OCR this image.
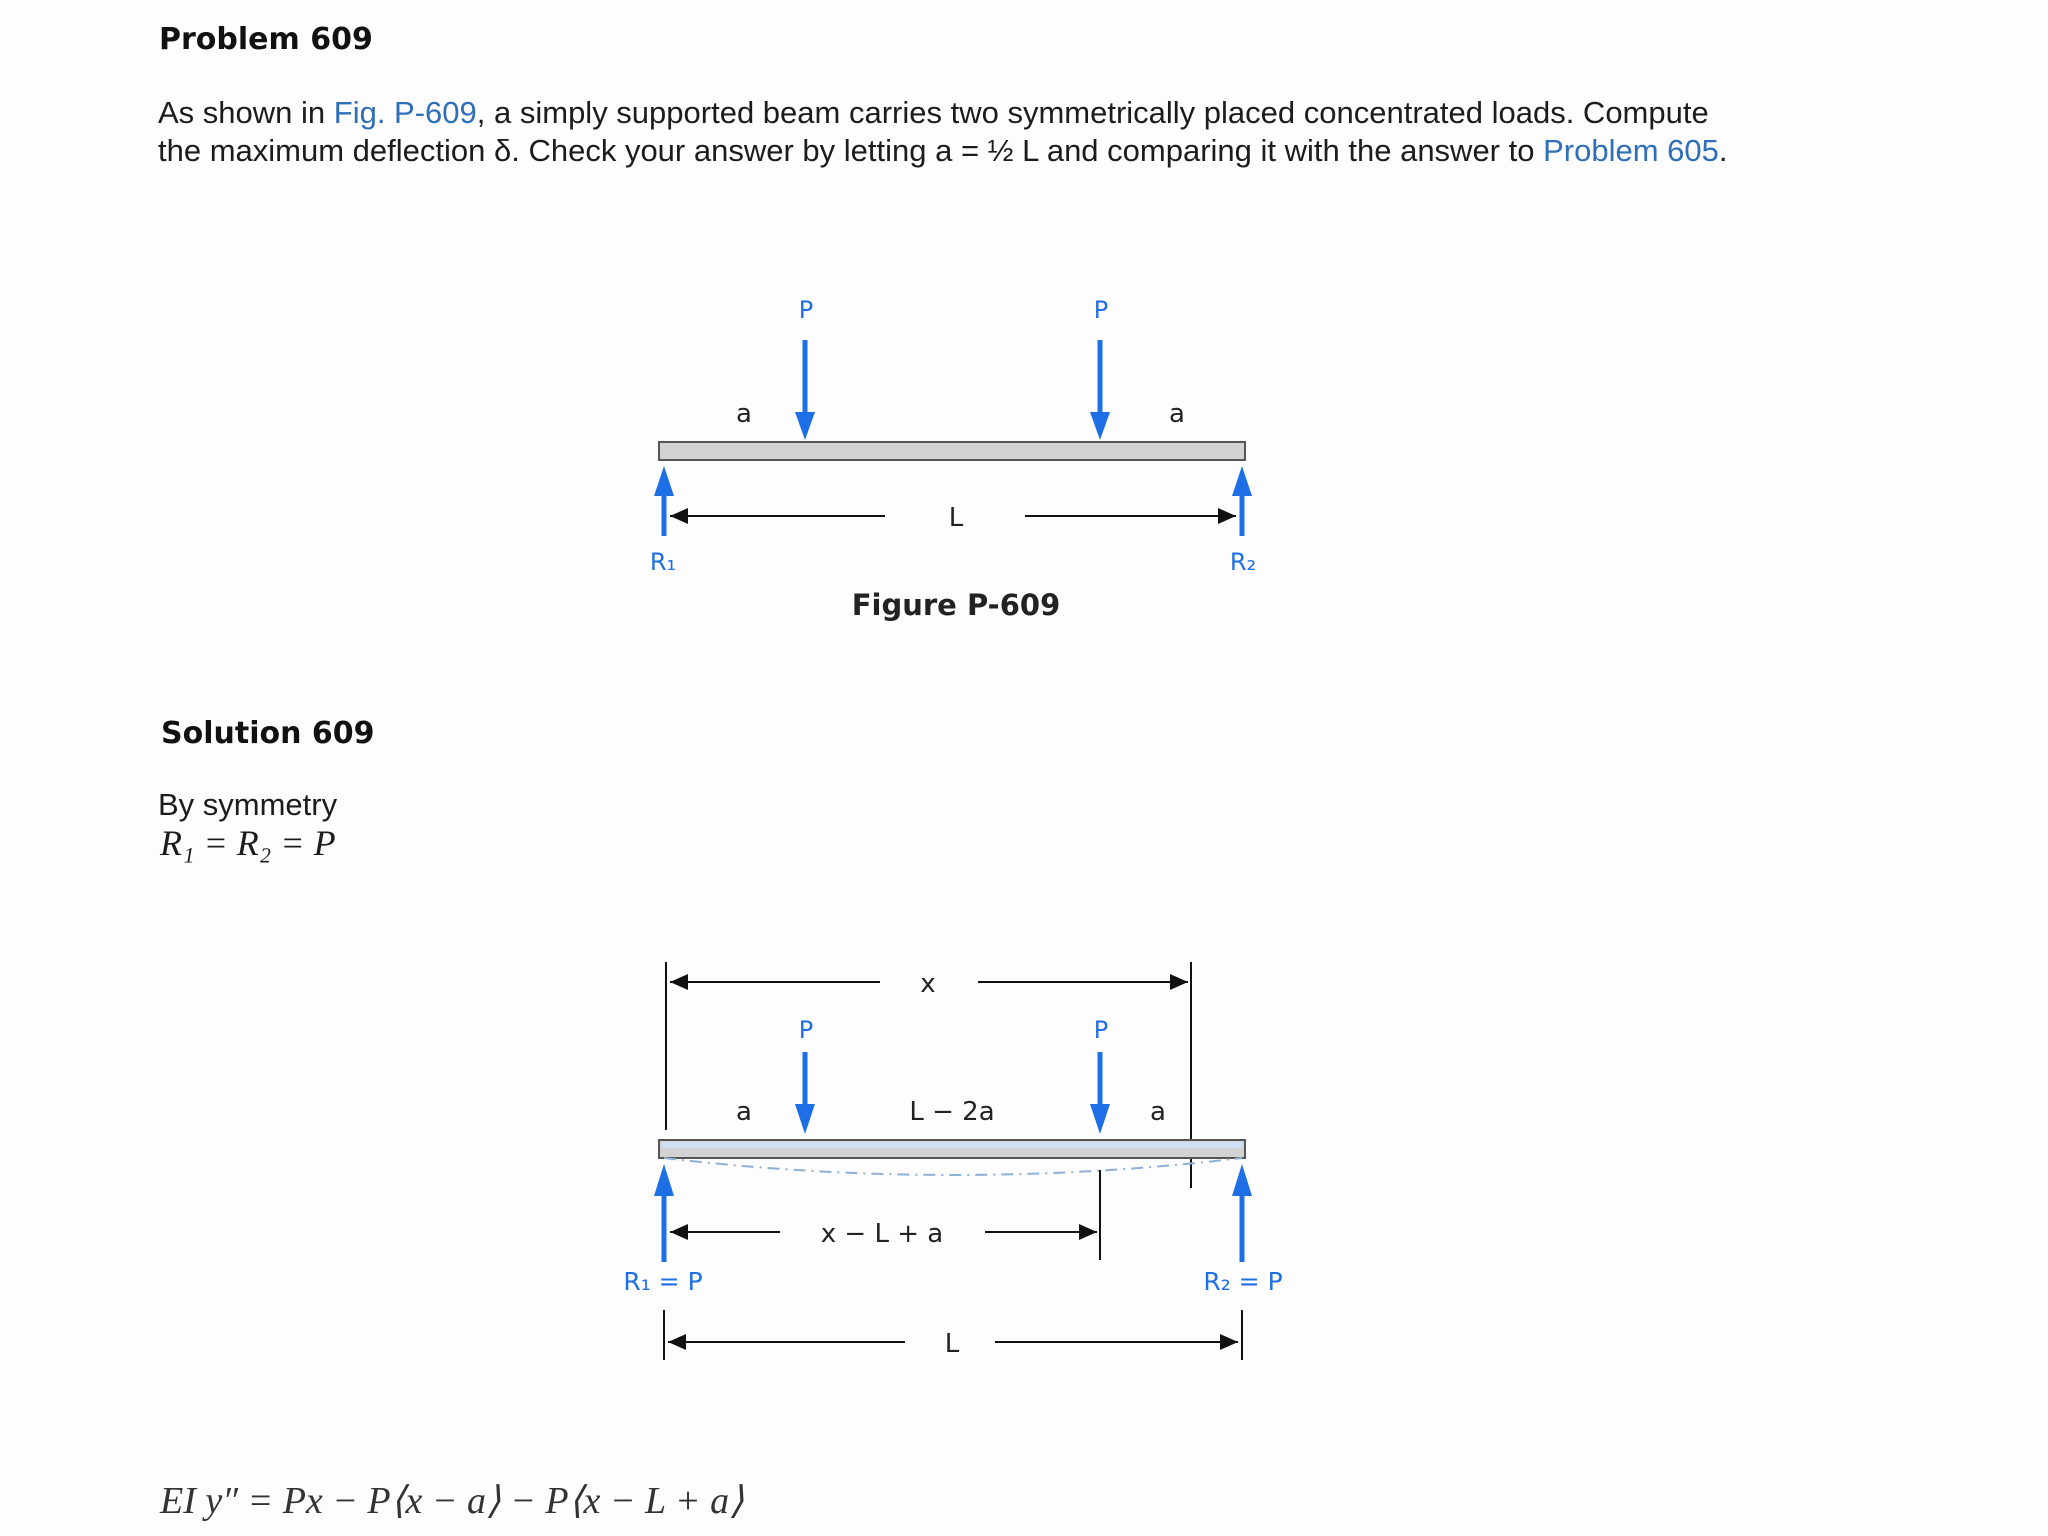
Problem 609
As shown in Fig. P-609, a simply supported beam carries two symmetrically placed concentrated loads. Compute the maximum deflection δ. Check your answer by letting a = ½ L and comparing it with the answer to Problem 605.
P	P
a	a
L
R₁	R₂
Figure P-609
Solution 609
By symmetry
R₁ = R₂ = P
x
P	P
a	L − 2a	a
x − L + a
R₁ = P	R₂ = P
L
EI y″ = Px − P⟨x − a⟩ − P⟨x − L + a⟩
